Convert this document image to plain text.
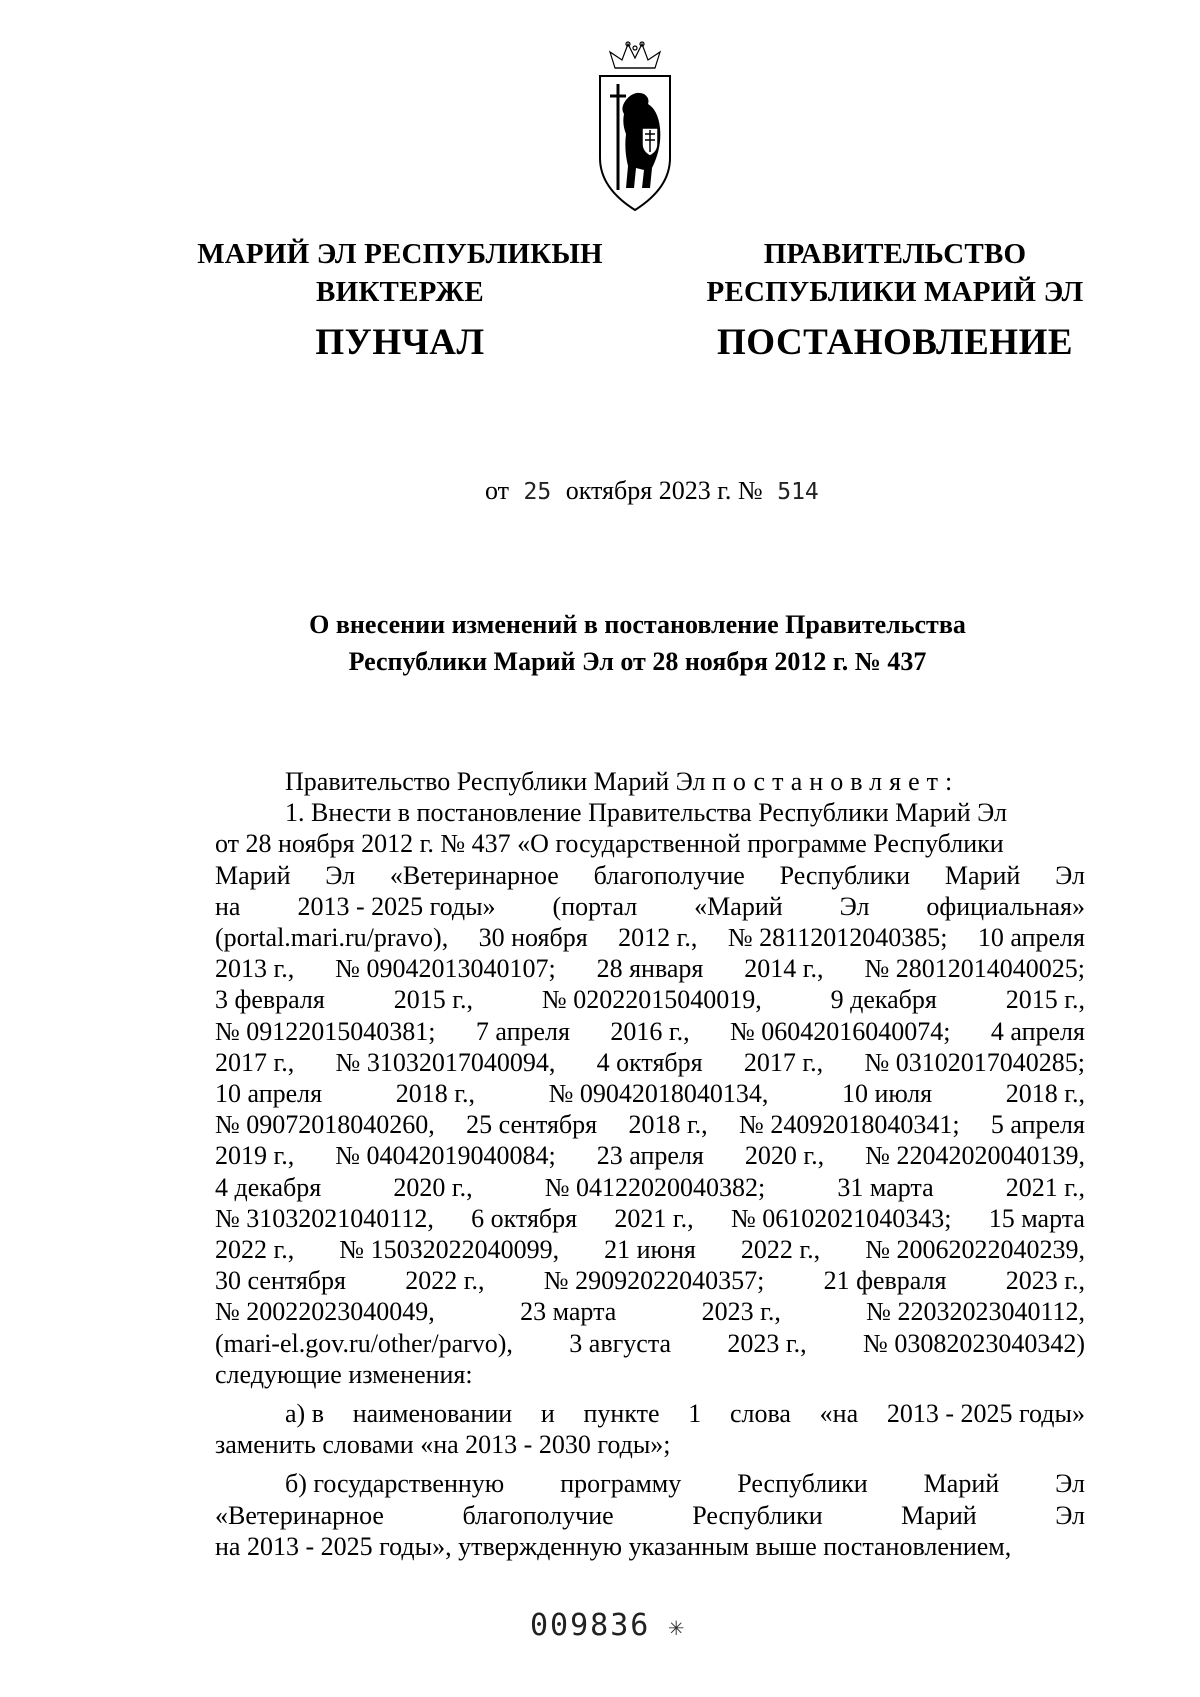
МАРИЙ ЭЛ РЕСПУБЛИКЫН
ВИКТЕРЖЕ
ПУНЧАЛ
ПРАВИТЕЛЬСТВО
РЕСПУБЛИКИ МАРИЙ ЭЛ
ПОСТАНОВЛЕНИЕ
от 25 октября 2023 г. № 514
О внесении изменений в постановление Правительства
Республики Марий Эл от 28 ноября 2012 г. № 437
Правительство Республики Марий Эл постановляет:
1. Внести в постановление Правительства Республики Марий Эл
от 28 ноября 2012 г. № 437 «О государственной программе Республики
Марий Эл «Ветеринарное благополучие Республики Марий Эл
на 2013 - 2025 годы» (портал «Марий Эл официальная»
(portal.mari.ru/pravo), 30 ноября 2012 г., № 28112012040385; 10 апреля
2013 г., № 09042013040107; 28 января 2014 г., № 28012014040025;
3 февраля	2015 г.,	№ 02022015040019,	9 декабря	2015 г.,
№ 09122015040381; 7 апреля 2016 г., № 06042016040074; 4 апреля
2017 г., № 31032017040094, 4 октября 2017 г., № 03102017040285;
10 апреля	2018 г.,	№ 09042018040134,	10 июля	2018 г.,
№ 09072018040260, 25 сентября 2018 г., № 24092018040341; 5 апреля
2019 г., № 04042019040084; 23 апреля 2020 г., № 22042020040139,
4 декабря	2020 г.,	№ 04122020040382;	31 марта	2021 г.,
№ 31032021040112, 6 октября 2021 г., № 06102021040343; 15 марта
2022 г., № 15032022040099, 21 июня 2022 г., № 20062022040239,
30 сентября 2022 г., № 29092022040357; 21 февраля 2023 г.,
№ 20022023040049,	23 марта	2023 г.,	№ 22032023040112,
(mari-el.gov.ru/other/parvo), 3 августа 2023 г., № 03082023040342)
следующие изменения:
а) в наименовании и пункте 1 слова «на 2013 - 2025 годы»
заменить словами «на 2013 - 2030 годы»;
б) государственную программу Республики Марий Эл
«Ветеринарное	благополучие	Республики	Марий	Эл
на 2013 - 2025 годы», утвержденную указанным выше постановлением,
009836 ✳
